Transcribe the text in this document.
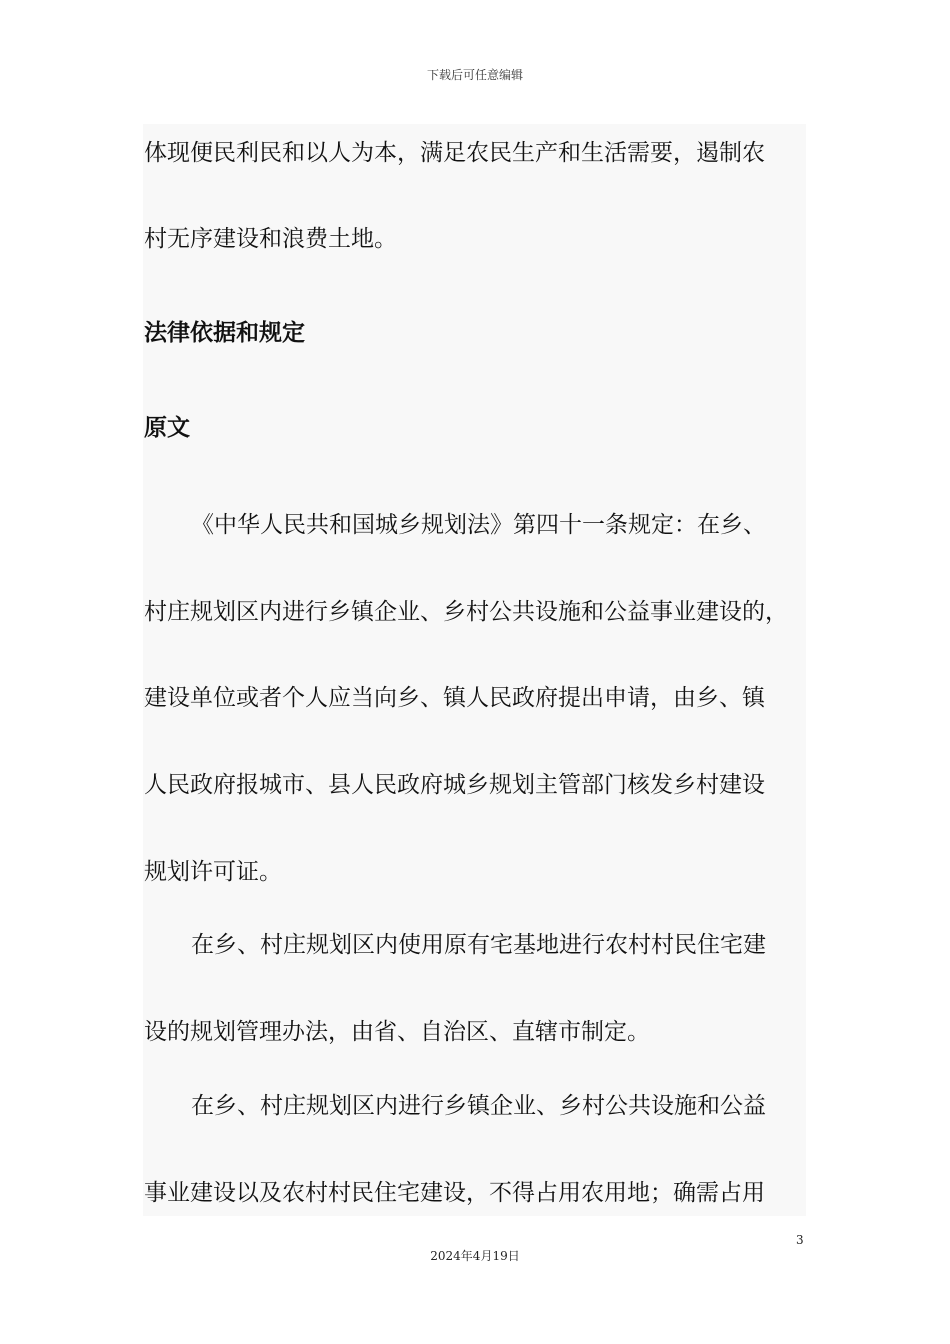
下载后可任意编辑
体现便民利民和以人为本，满足农民生产和生活需要，遏制农
村无序建设和浪费土地。
法律依据和规定
原文
《中华人民共和国城乡规划法》第四十一条规定：在乡、
村庄规划区内进行乡镇企业、乡村公共设施和公益事业建设的，
建设单位或者个人应当向乡、镇人民政府提出申请，由乡、镇
人民政府报城市、县人民政府城乡规划主管部门核发乡村建设
规划许可证。
在乡、村庄规划区内使用原有宅基地进行农村村民住宅建
设的规划管理办法，由省、自治区、直辖市制定。
在乡、村庄规划区内进行乡镇企业、乡村公共设施和公益
事业建设以及农村村民住宅建设，不得占用农用地；确需占用
3
2024年4月19日
